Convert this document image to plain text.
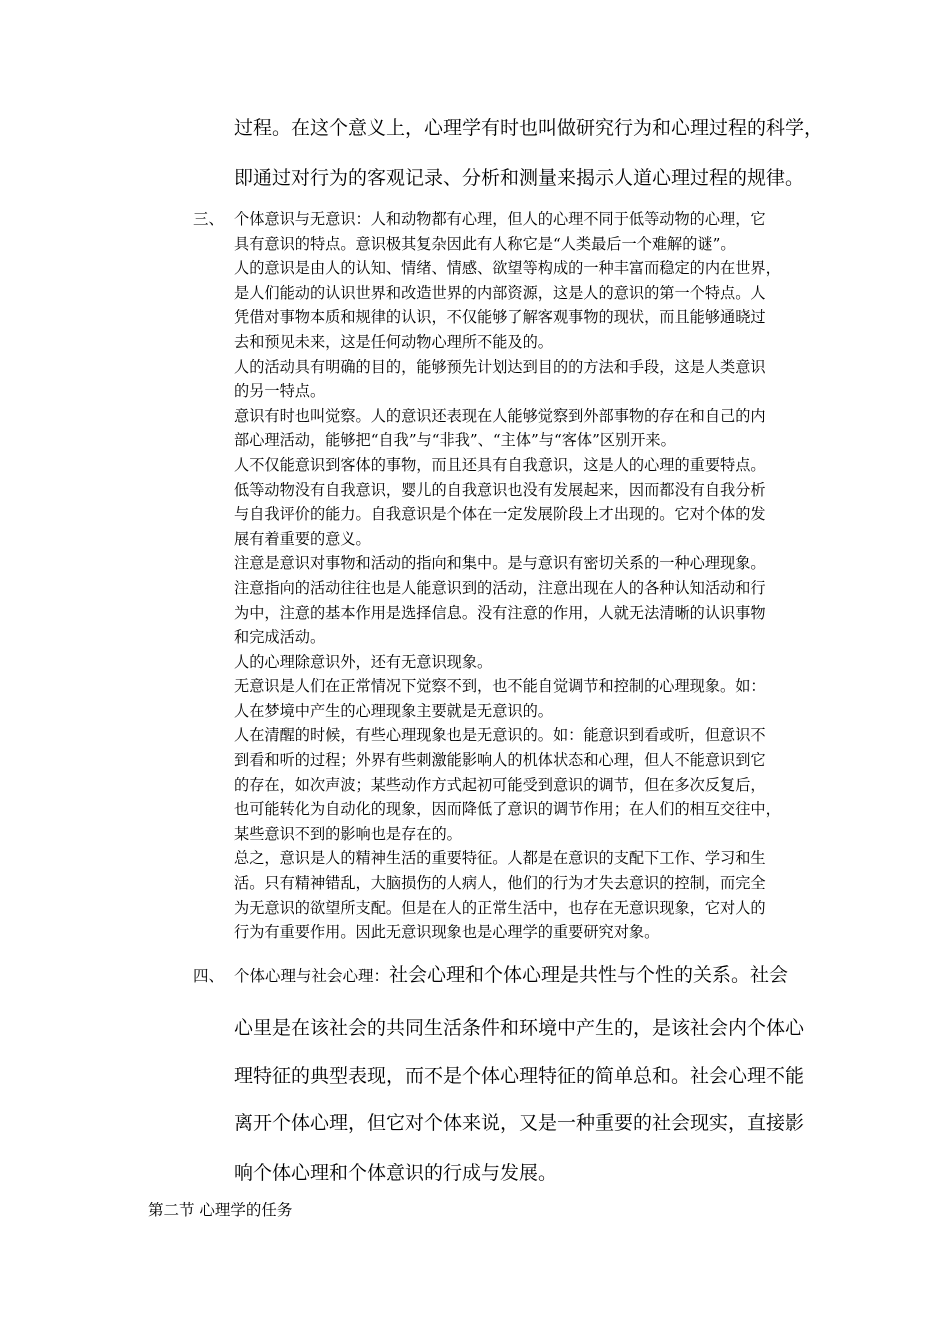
过程。在这个意义上，心理学有时也叫做研究行为和心理过程的科学，
即通过对行为的客观记录、分析和测量来揭示人道心理过程的规律。
三、 个体意识与无意识：人和动物都有心理，但人的心理不同于低等动物的心理，它

具有意识的特点。意识极其复杂因此有人称它是“人类最后一个难解的谜”。

人的意识是由人的认知、情绪、情感、欲望等构成的一种丰富而稳定的内在世界，

是人们能动的认识世界和改造世界的内部资源，这是人的意识的第一个特点。人

凭借对事物本质和规律的认识，不仅能够了解客观事物的现状，而且能够通晓过

去和预见未来，这是任何动物心理所不能及的。

人的活动具有明确的目的，能够预先计划达到目的的方法和手段，这是人类意识

的另一特点。

意识有时也叫觉察。人的意识还表现在人能够觉察到外部事物的存在和自己的内

部心理活动，能够把“自我”与“非我”、“主体”与“客体”区别开来。

人不仅能意识到客体的事物，而且还具有自我意识，这是人的心理的重要特点。

低等动物没有自我意识，婴儿的自我意识也没有发展起来，因而都没有自我分析

与自我评价的能力。自我意识是个体在一定发展阶段上才出现的。它对个体的发

展有着重要的意义。

注意是意识对事物和活动的指向和集中。是与意识有密切关系的一种心理现象。

注意指向的活动往往也是人能意识到的活动，注意出现在人的各种认知活动和行

为中，注意的基本作用是选择信息。没有注意的作用，人就无法清晰的认识事物

和完成活动。

人的心理除意识外，还有无意识现象。

无意识是人们在正常情况下觉察不到，也不能自觉调节和控制的心理现象。如：

人在梦境中产生的心理现象主要就是无意识的。

人在清醒的时候，有些心理现象也是无意识的。如：能意识到看或听，但意识不

到看和听的过程；外界有些刺激能影响人的机体状态和心理，但人不能意识到它

的存在，如次声波；某些动作方式起初可能受到意识的调节，但在多次反复后，

也可能转化为自动化的现象，因而降低了意识的调节作用；在人们的相互交往中，

某些意识不到的影响也是存在的。

总之，意识是人的精神生活的重要特征。人都是在意识的支配下工作、学习和生

活。只有精神错乱，大脑损伤的人病人，他们的行为才失去意识的控制，而完全

为无意识的欲望所支配。但是在人的正常生活中，也存在无意识现象，它对人的

行为有重要作用。因此无意识现象也是心理学的重要研究对象。

四、 个体心理与社会心理：社会心理和个体心理是共性与个性的关系。社会
心里是在该社会的共同生活条件和环境中产生的，是该社会内个体心
理特征的典型表现，而不是个体心理特征的简单总和。社会心理不能
离开个体心理，但它对个体来说，又是一种重要的社会现实，直接影
响个体心理和个体意识的行成与发展。
第二节 心理学的任务
